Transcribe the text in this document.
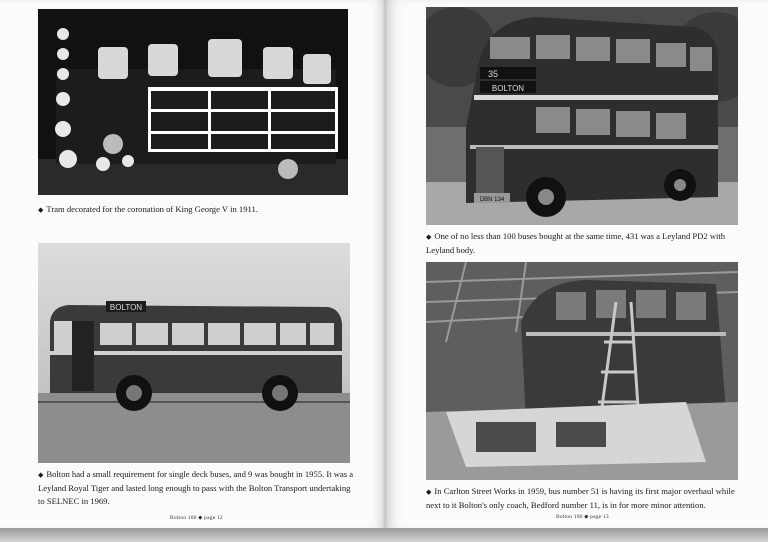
◆ Tram decorated for the coronation of King George V in 1911.
BOLTON
◆ Bolton had a small requirement for single deck buses, and 9 was bought in 1955. It was a Leyland Royal Tiger and lasted long enough to pass with the Bolton Transport undertaking to SELNEC in 1969.
Bolton 100 ◆ page 12
35
BOLTON
DBN 134
◆ One of no less than 100 buses bought at the same time, 431 was a Leyland PD2 with Leyland body.
◆ In Carlton Street Works in 1959, bus number 51 is having its first major overhaul while next to it Bolton's only coach, Bedford number 11, is in for more minor attention.
Bolton 100 ◆ page 13
